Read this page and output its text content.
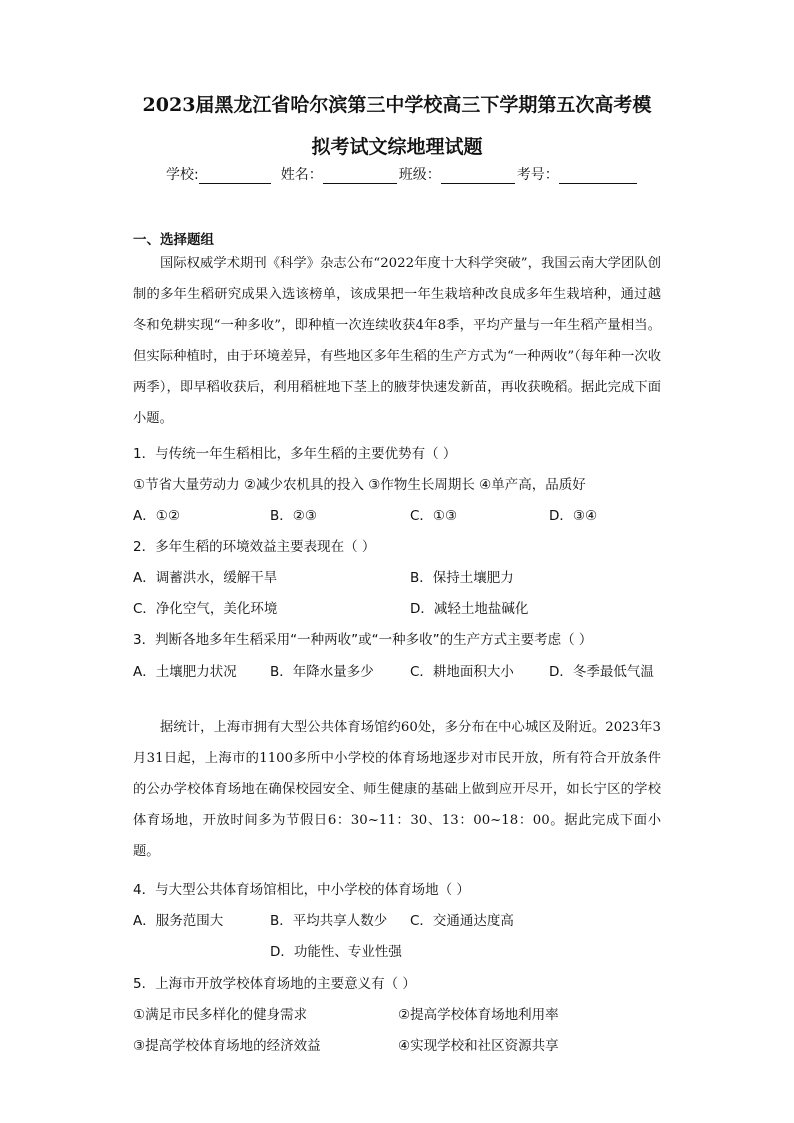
2023届黑龙江省哈尔滨第三中学校高三下学期第五次高考模
拟考试文综地理试题
学校:	姓名：	班级：	考号：
一、选择题组

国际权威学术期刊《科学》杂志公布“2022年度十大科学突破”，我国云南大学团队创制的多年生稻研究成果入选该榜单，该成果把一年生栽培种改良成多年生栽培种，通过越冬和免耕实现“一种多收”，即种植一次连续收获4年8季，平均产量与一年生稻产量相当。但实际种植时，由于环境差异，有些地区多年生稻的生产方式为“一种两收”（每年种一次收两季），即早稻收获后，利用稻桩地下茎上的腋芽快速发新苗，再收获晚稻。据此完成下面小题。

1．与传统一年生稻相比，多年生稻的主要优势有（ ）
①节省大量劳动力 ②减少农机具的投入 ③作物生长周期长 ④单产高，品质好
A．①②	B．②③	C．①③	D．③④
2．多年生稻的环境效益主要表现在（ ）
A．调蓄洪水，缓解干旱	B．保持土壤肥力
C．净化空气，美化环境	D．减轻土地盐碱化
3．判断各地多年生稻采用“一种两收”或“一种多收”的生产方式主要考虑（ ）
A．土壤肥力状况 B．年降水量多少	C．耕地面积大小	D．冬季最低气温

据统计，上海市拥有大型公共体育场馆约60处，多分布在中心城区及附近。2023年3月31日起，上海市的1100多所中小学校的体育场地逐步对市民开放，所有符合开放条件的公办学校体育场地在确保校园安全、师生健康的基础上做到应开尽开，如长宁区的学校体育场地，开放时间多为节假日6：30~11：30、13：00~18：00。据此完成下面小题。

4．与大型公共体育场馆相比，中小学校的体育场地（ ）
A．服务范围大	B．平均共享人数少 C．交通通达度高
D．功能性、专业性强
5．上海市开放学校体育场地的主要意义有（ ）
①满足市民多样化的健身需求	②提高学校体育场地利用率
③提高学校体育场地的经济效益	④实现学校和社区资源共享
